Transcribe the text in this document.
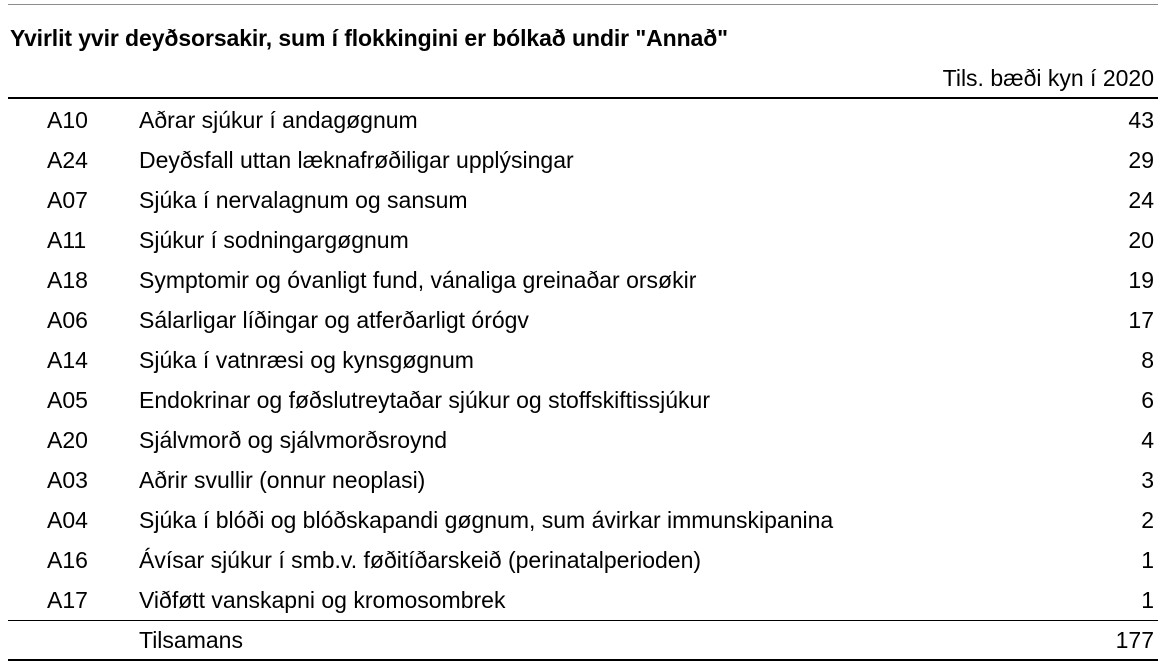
Yvirlit yvir deyðsorsakir, sum í flokkingini er bólkað undir "Annað"
Tils. bæði kyn í 2020
A10 Aðrar sjúkur í andagøgnum	43
A24 Deyðsfall uttan læknafrøðiligar upplýsingar	29
A07 Sjúka í nervalagnum og sansum	24
A11 Sjúkur í sodningargøgnum	20
A18 Symptomir og óvanligt fund, vánaliga greinaðar orsøkir	19
A06 Sálarligar líðingar og atferðarligt órógv	17
A14 Sjúka í vatnræsi og kynsgøgnum	8
A05 Endokrinar og føðslutreytaðar sjúkur og stoffskiftissjúkur	6
A20 Sjálvmorð og sjálvmorðsroynd	4
A03 Aðrir svullir (onnur neoplasi)	3
A04 Sjúka í blóði og blóðskapandi gøgnum, sum ávirkar immunskipanina	2
A16 Ávísar sjúkur í smb.v. føðitíðarskeið (perinatalperioden)	1
A17 Viðføtt vanskapni og kromosombrek	1
Tilsamans	177
